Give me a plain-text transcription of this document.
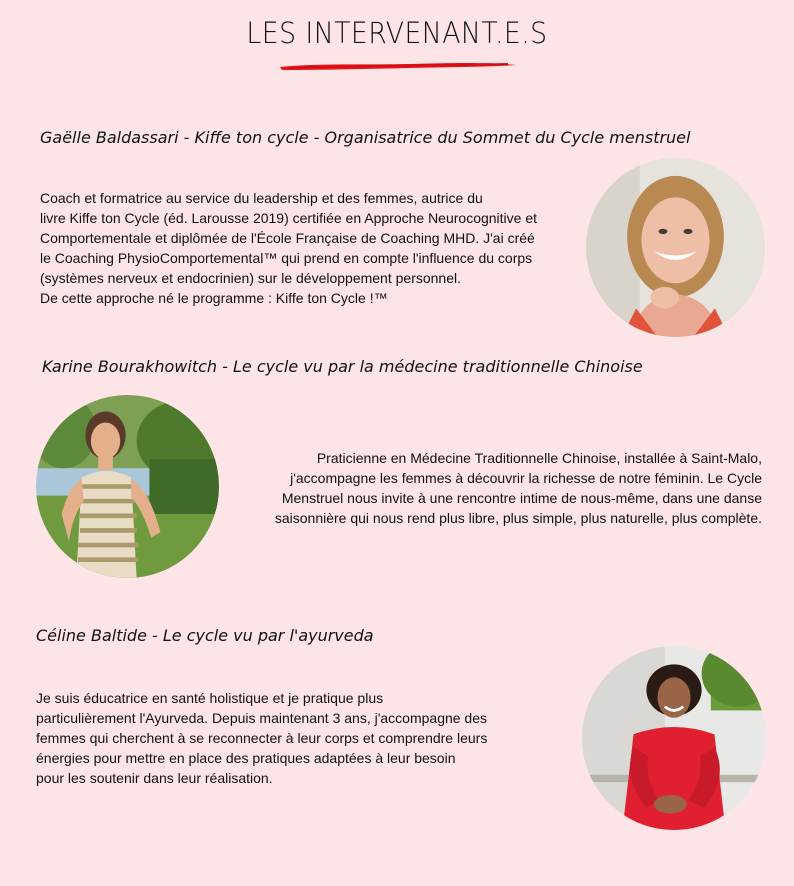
LES INTERVENANT.E.S
Gaëlle Baldassari - Kiffe ton cycle - Organisatrice du Sommet du Cycle menstruel

Coach et formatrice au service du leadership et des femmes, autrice du

livre Kiffe ton Cycle (éd. Larousse 2019) certifiée en Approche Neurocognitive et

Comportementale et diplômée de l'École Française de Coaching MHD. J'ai créé

le Coaching PhysioComportemental™ qui prend en compte l'influence du corps

(systèmes nerveux et endocrinien) sur le développement personnel.

De cette approche né le programme : Kiffe ton Cycle !™

Karine Bourakhowitch - Le cycle vu par la médecine traditionnelle Chinoise

Praticienne en Médecine Traditionnelle Chinoise, installée à Saint-Malo,

j'accompagne les femmes à découvrir la richesse de notre féminin. Le Cycle

Menstruel nous invite à une rencontre intime de nous-même, dans une danse

saisonnière qui nous rend plus libre, plus simple, plus naturelle, plus complète.

Céline Baltide - Le cycle vu par l'ayurveda

Je suis éducatrice en santé holistique et je pratique plus

particulièrement l'Ayurveda. Depuis maintenant 3 ans, j'accompagne des

femmes qui cherchent à se reconnecter à leur corps et comprendre leurs

énergies pour mettre en place des pratiques adaptées à leur besoin

pour les soutenir dans leur réalisation.
